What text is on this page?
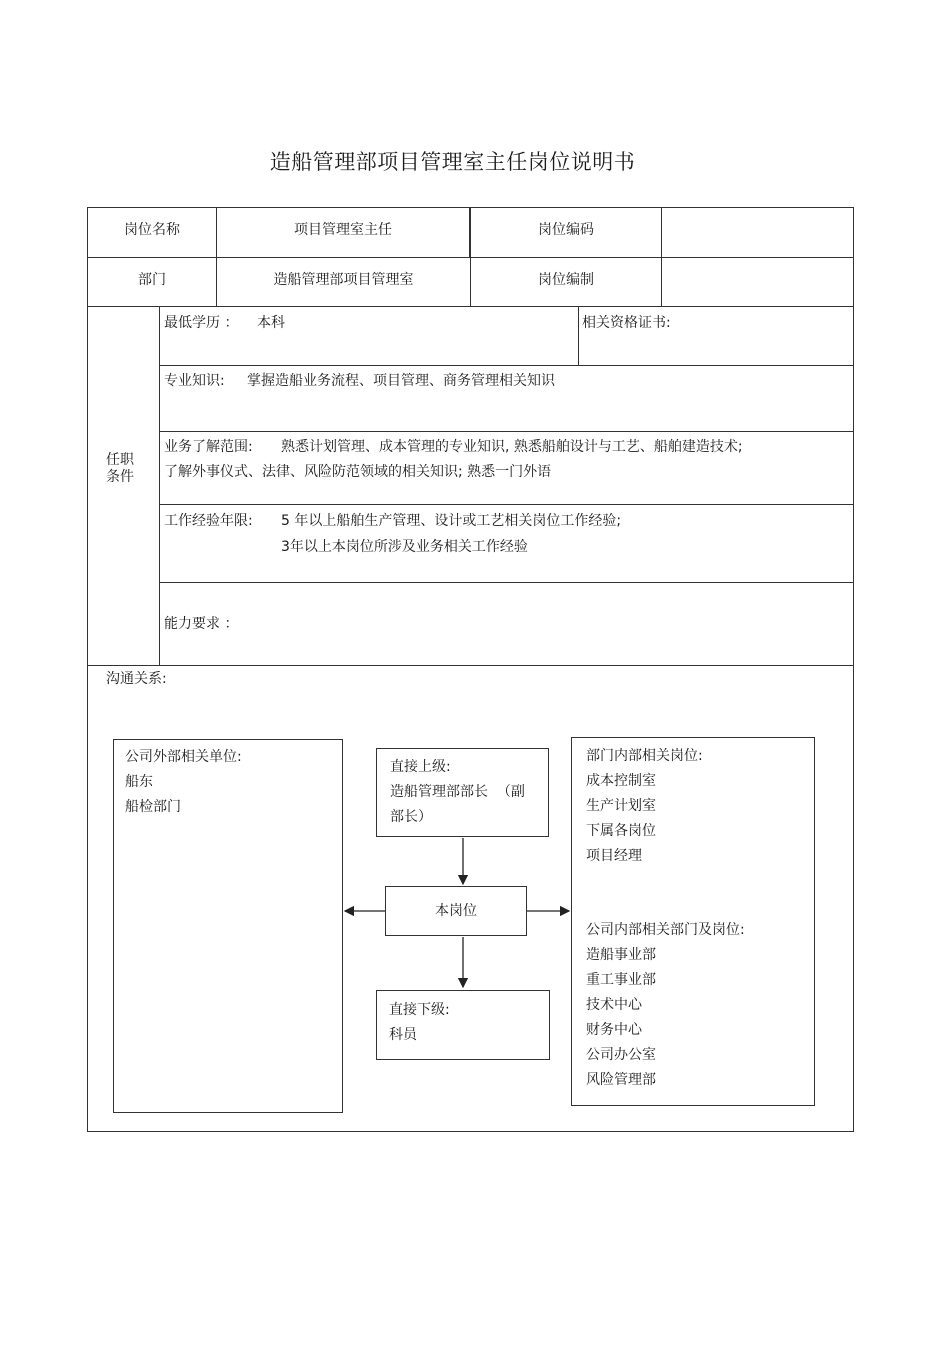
造船管理部项目管理室主任岗位说明书
岗位名称	项目管理室主任	岗位编码
部门	造船管理部项目管理室	岗位编制
任职条件
最低学历 ： 本科	相关资格证书:
专业知识: 掌握造船业务流程、项目管理、商务管理相关知识
业务了解范围: 熟悉计划管理、成本管理的专业知识, 熟悉船舶设计与工艺、船舶建造技术;
了解外事仪式、法律、风险防范领域的相关知识; 熟悉一门外语
工作经验年限: 5 年以上船舶生产管理、设计或工艺相关岗位工作经验;
3年以上本岗位所涉及业务相关工作经验
能力要求 ：
沟通关系:
公司外部相关单位:
船东
船检部门
直接上级:
造船管理部部长  （副
部长）
本岗位
直接下级:
科员
部门内部相关岗位:
成本控制室
生产计划室
下属各岗位
项目经理
公司内部相关部门及岗位:
造船事业部
重工事业部
技术中心
财务中心
公司办公室
风险管理部
